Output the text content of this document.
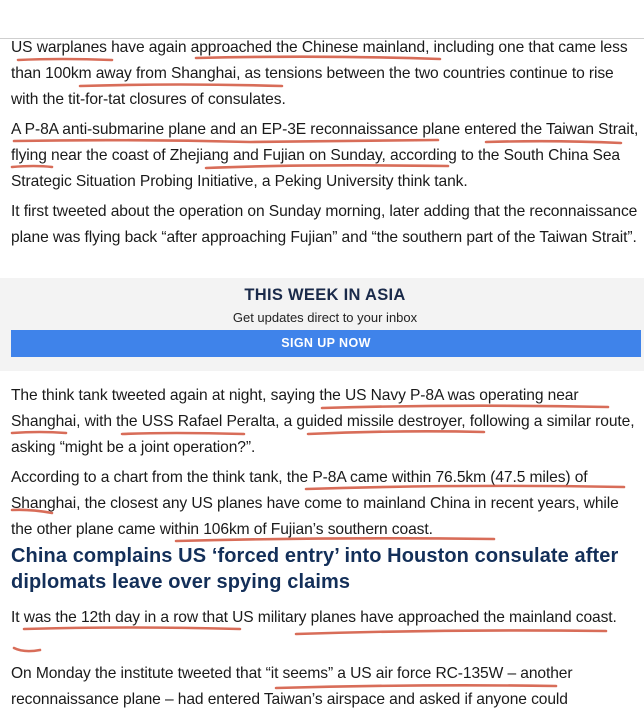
US warplanes have again approached the Chinese mainland, including one that came less than 100km away from Shanghai, as tensions between the two countries continue to rise with the tit-for-tat closures of consulates.

A P-8A anti-submarine plane and an EP-3E reconnaissance plane entered the Taiwan Strait, flying near the coast of Zhejiang and Fujian on Sunday, according to the South China Sea Strategic Situation Probing Initiative, a Peking University think tank.

It first tweeted about the operation on Sunday morning, later adding that the reconnaissance plane was flying back “after approaching Fujian” and “the southern part of the Taiwan Strait”.

THIS WEEK IN ASIA
Get updates direct to your inbox
SIGN UP NOW

The think tank tweeted again at night, saying the US Navy P-8A was operating near Shanghai, with the USS Rafael Peralta, a guided missile destroyer, following a similar route, asking “might be a joint operation?”.

According to a chart from the think tank, the P-8A came within 76.5km (47.5 miles) of Shanghai, the closest any US planes have come to mainland China in recent years, while the other plane came within 106km of Fujian’s southern coast.

China complains US ‘forced entry’ into Houston consulate after diplomats leave over spying claims

It was the 12th day in a row that US military planes have approached the mainland coast.

On Monday the institute tweeted that “it seems” a US air force RC-135W – another reconnaissance plane – had entered Taiwan’s airspace and asked if anyone could
